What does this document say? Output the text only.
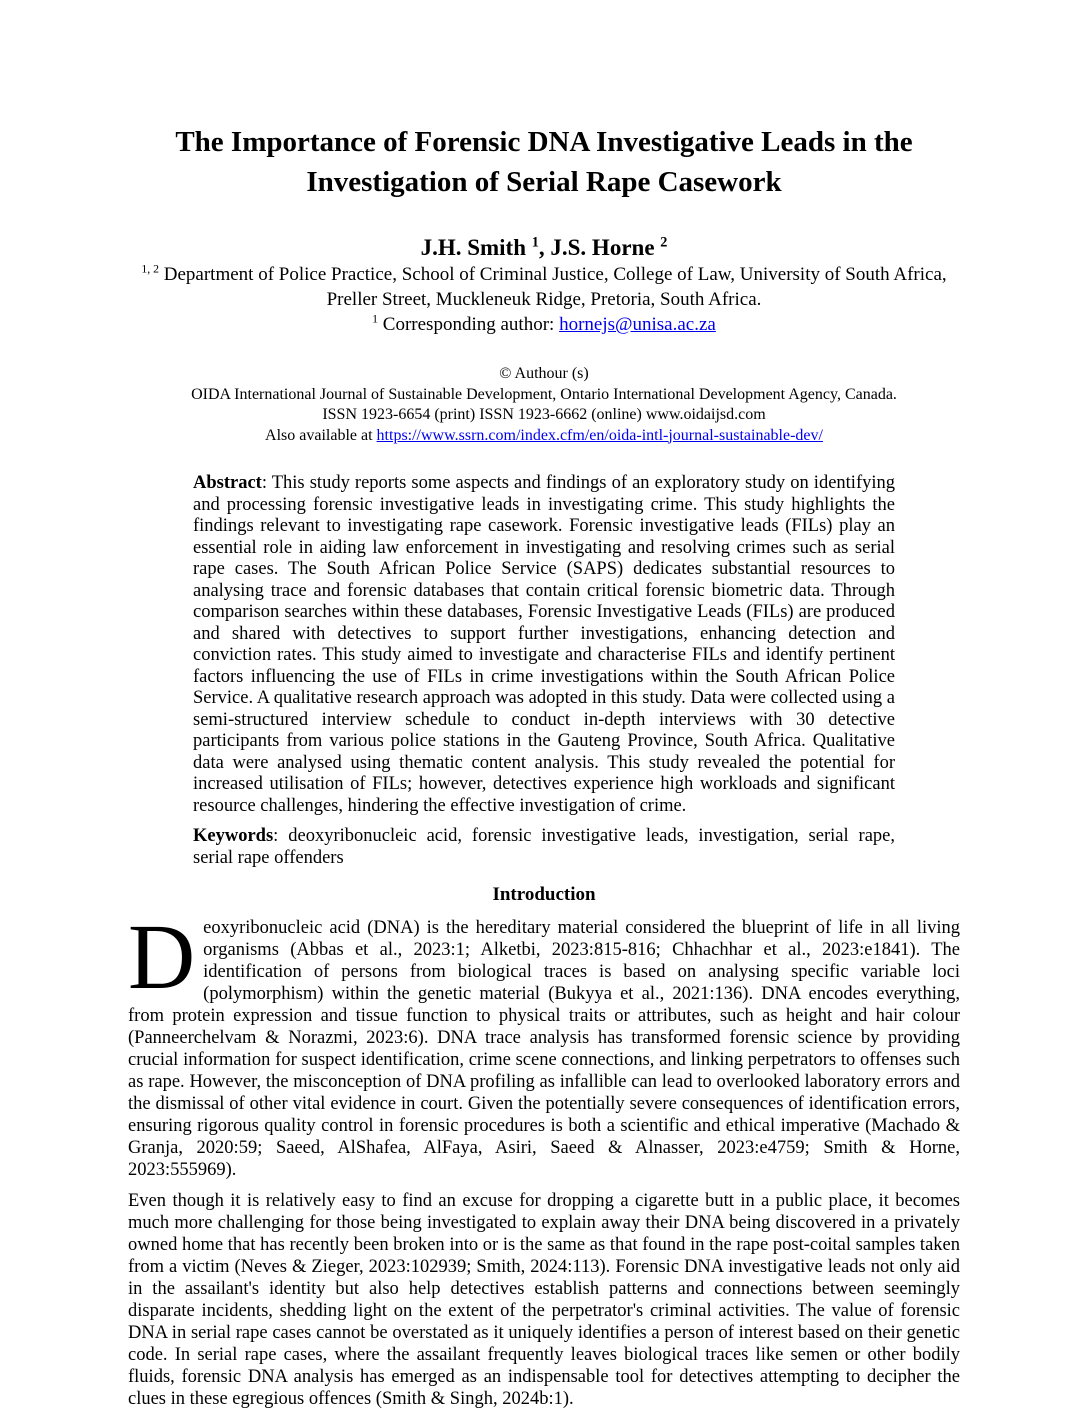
The Importance of Forensic DNA Investigative Leads in the Investigation of Serial Rape Casework
J.H. Smith $^1$, J.S. Horne $^2$

$^{1, 2}$ Department of Police Practice, School of Criminal Justice, College of Law, University of South Africa, Preller Street, Muckleneuk Ridge, Pretoria, South Africa.

$^1$ Corresponding author: hornejs@unisa.ac.za

© Authour (s)
OIDA International Journal of Sustainable Development, Ontario International Development Agency, Canada.
ISSN 1923-6654 (print) ISSN 1923-6662 (online) www.oidaijsd.com
Also available at https://www.ssrn.com/index.cfm/en/oida-intl-journal-sustainable-dev/

Abstract: This study reports some aspects and findings of an exploratory study on identifying and processing forensic investigative leads in investigating crime. This study highlights the findings relevant to investigating rape casework. Forensic investigative leads (FILs) play an essential role in aiding law enforcement in investigating and resolving crimes such as serial rape cases. The South African Police Service (SAPS) dedicates substantial resources to analysing trace and forensic databases that contain critical forensic biometric data. Through comparison searches within these databases, Forensic Investigative Leads (FILs) are produced and shared with detectives to support further investigations, enhancing detection and conviction rates. This study aimed to investigate and characterise FILs and identify pertinent factors influencing the use of FILs in crime investigations within the South African Police Service. A qualitative research approach was adopted in this study. Data were collected using a semi-structured interview schedule to conduct in-depth interviews with 30 detective participants from various police stations in the Gauteng Province, South Africa. Qualitative data were analysed using thematic content analysis. This study revealed the potential for increased utilisation of FILs; however, detectives experience high workloads and significant resource challenges, hindering the effective investigation of crime.

Keywords: deoxyribonucleic acid, forensic investigative leads, investigation, serial rape, serial rape offenders

Introduction

Deoxyribonucleic acid (DNA) is the hereditary material considered the blueprint of life in all living organisms (Abbas et al., 2023:1; Alketbi, 2023:815-816; Chhachhar et al., 2023:e1841). The identification of persons from biological traces is based on analysing specific variable loci (polymorphism) within the genetic material (Bukyya et al., 2021:136). DNA encodes everything, from protein expression and tissue function to physical traits or attributes, such as height and hair colour (Panneerchelvam & Norazmi, 2023:6). DNA trace analysis has transformed forensic science by providing crucial information for suspect identification, crime scene connections, and linking perpetrators to offenses such as rape. However, the misconception of DNA profiling as infallible can lead to overlooked laboratory errors and the dismissal of other vital evidence in court. Given the potentially severe consequences of identification errors, ensuring rigorous quality control in forensic procedures is both a scientific and ethical imperative (Machado & Granja, 2020:59; Saeed, AlShafea, AlFaya, Asiri, Saeed & Alnasser, 2023:e4759; Smith & Horne, 2023:555969).

Even though it is relatively easy to find an excuse for dropping a cigarette butt in a public place, it becomes much more challenging for those being investigated to explain away their DNA being discovered in a privately owned home that has recently been broken into or is the same as that found in the rape post-coital samples taken from a victim (Neves & Zieger, 2023:102939; Smith, 2024:113). Forensic DNA investigative leads not only aid in the assailant's identity but also help detectives establish patterns and connections between seemingly disparate incidents, shedding light on the extent of the perpetrator's criminal activities. The value of forensic DNA in serial rape cases cannot be overstated as it uniquely identifies a person of interest based on their genetic code. In serial rape cases, where the assailant frequently leaves biological traces like semen or other bodily fluids, forensic DNA analysis has emerged as an indispensable tool for detectives attempting to decipher the clues in these egregious offences (Smith & Singh, 2024b:1).
